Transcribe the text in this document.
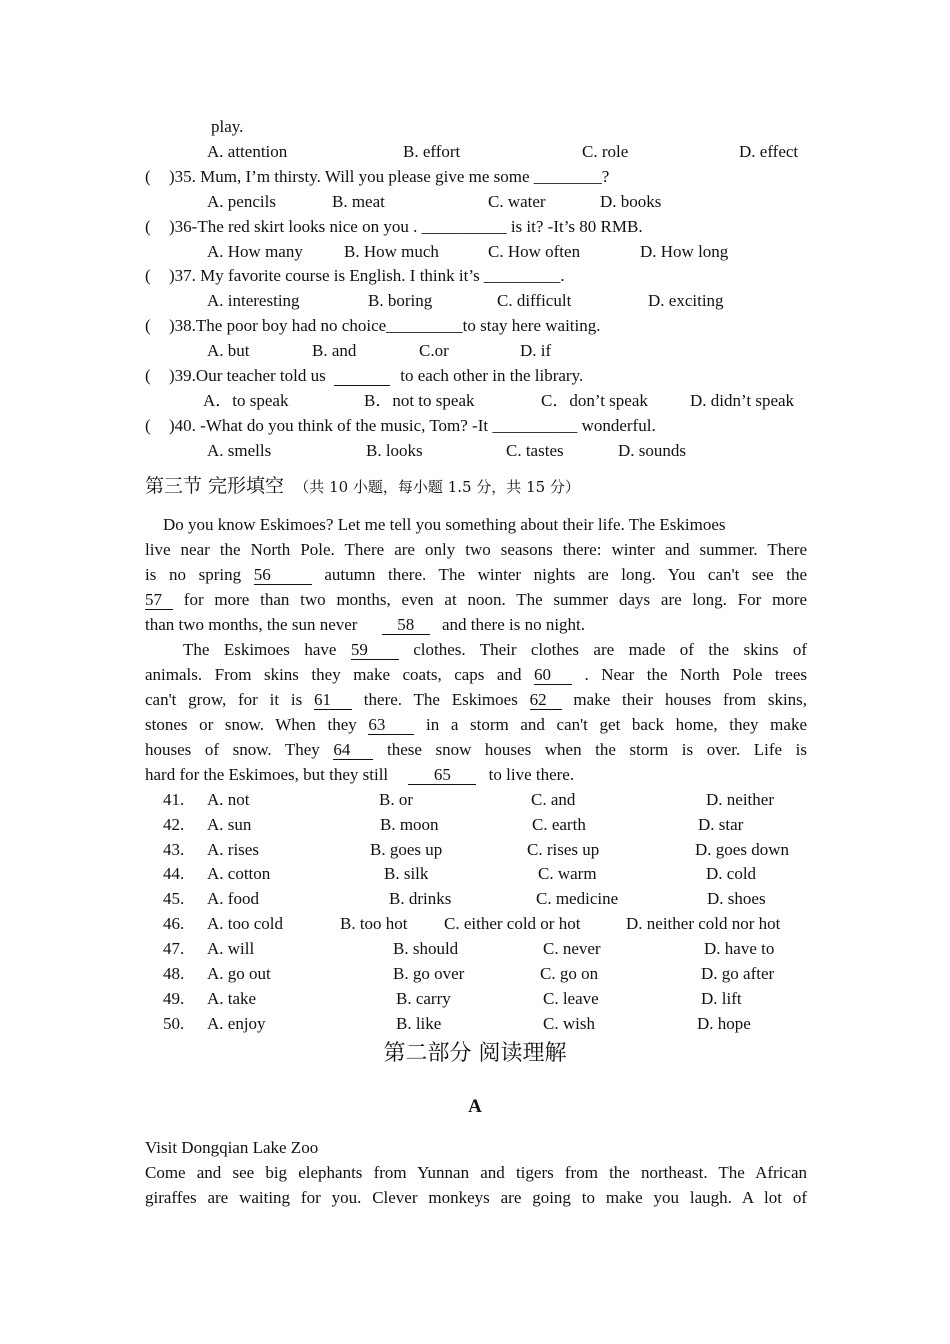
play.
A. attention	B. effort	C. role	D. effect
( )35. Mum, I’m thirsty. Will you please give me some ________?
A. pencils	B. meat	C. water	D. books
( )36-The red skirt looks nice on you . __________ is it? -It’s 80 RMB.
A. How many B. How much	C. How often	D. How long
( )37. My favorite course is English. I think it’s _________.
A. interesting	B. boring	C. difficult	D. exciting
( )38.The poor boy had no choice_________to stay here waiting.
A. but	B. and	C.or	D. if
( )39.Our teacher told us	to each other in the library.
A．to speak	B．not to speak	C．don’t speak D. didn’t speak
( )40. -What do you think of the music, Tom? -It __________ wonderful.
A. smells	B. looks	C. tastes	D. sounds
第三节 完形填空 （共 10 小题，每小题 1.5 分，共 15 分）
Do you know Eskimoes? Let me tell you something about their life. The Eskimoes
live near the North Pole. There are only two seasons there: winter and summer. There
is no spring 56	autumn there. The winter nights are long. You can't see the
57 for more than two months, even at noon. The summer days are long. For more
than two months, the sun never 58 and there is no night.
The Eskimoes have 59	clothes. Their clothes are made of the skins of
animals. From skins they make coats, caps and 60 . Near the North Pole trees
can't grow, for it is 61 there. The Eskimoes 62 make their houses from skins,
stones or snow. When they 63 in a storm and can't get back home, they make
houses of snow. They 64 these snow houses when the storm is over. Life is
hard for the Eskimoes, but they still	65 to live there.
41. A. not	B. or	C. and	D. neither
42. A. sun	B. moon	C. earth	D. star
43. A. rises	B. goes up	C. rises up	D. goes down
44. A. cotton	B. silk	C. warm	D. cold
45. A. food	B. drinks	C. medicine	D. shoes
46. A. too cold	B. too hot C. either cold or hot	D. neither cold nor hot
47. A. will	B. should	C. never	D. have to
48. A. go out	B. go over	C. go on	D. go after
49. A. take	B. carry	C. leave	D. lift
50. A. enjoy	B. like	C. wish	D. hope
第二部分 阅读理解
A
Visit Dongqian Lake Zoo
Come and see big elephants from Yunnan and tigers from the northeast. The African
giraffes are waiting for you. Clever monkeys are going to make you laugh. A lot of
